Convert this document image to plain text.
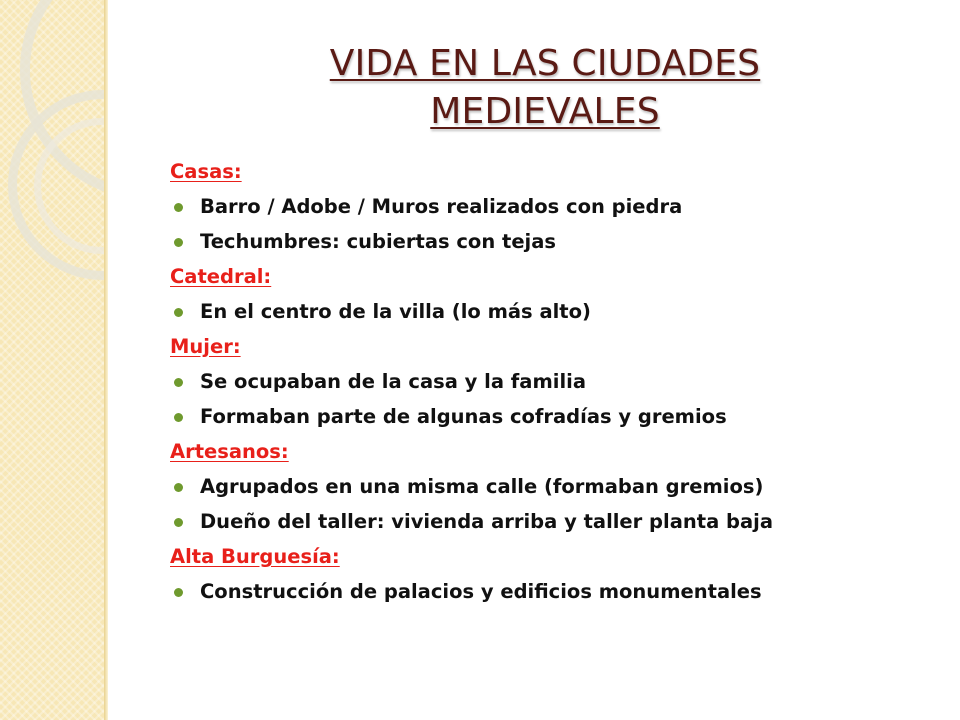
VIDA EN LAS CIUDADES
MEDIEVALES
Casas:
Barro / Adobe / Muros realizados con piedra
Techumbres: cubiertas con tejas
Catedral:
En el centro de la villa (lo más alto)
Mujer:
Se ocupaban de la casa y la familia
Formaban parte de algunas cofradías y gremios
Artesanos:
Agrupados en una misma calle (formaban gremios)
Dueño del taller: vivienda arriba y taller planta baja
Alta Burguesía:
Construcción de palacios y edificios monumentales
